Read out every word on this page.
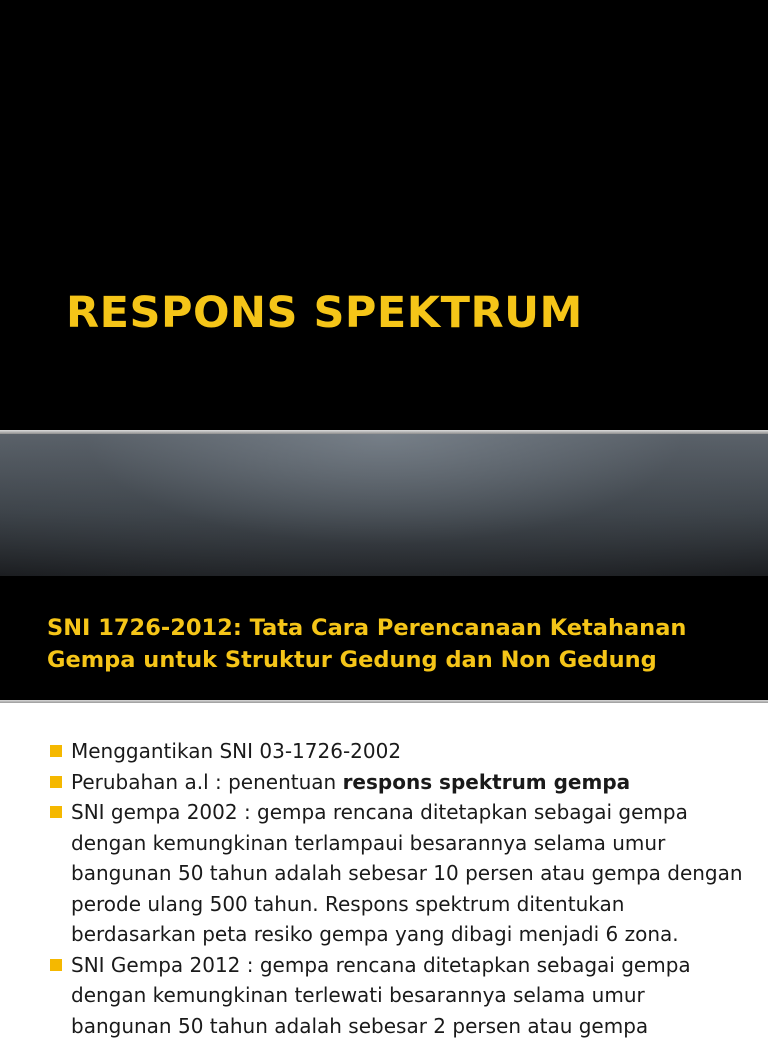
RESPONS SPEKTRUM
SNI 1726-2012: Tata Cara Perencanaan Ketahanan Gempa untuk Struktur Gedung dan Non Gedung
Menggantikan SNI 03-1726-2002
Perubahan a.l : penentuan respons spektrum gempa
SNI gempa 2002 : gempa rencana ditetapkan sebagai gempa dengan kemungkinan terlampaui besarannya selama umur bangunan 50 tahun adalah sebesar 10 persen atau gempa dengan perode ulang 500 tahun. Respons spektrum ditentukan berdasarkan peta resiko gempa yang dibagi menjadi 6 zona.
SNI Gempa 2012 : gempa rencana ditetapkan sebagai gempa dengan kemungkinan terlewati besarannya selama umur bangunan 50 tahun adalah sebesar 2 persen atau gempa
